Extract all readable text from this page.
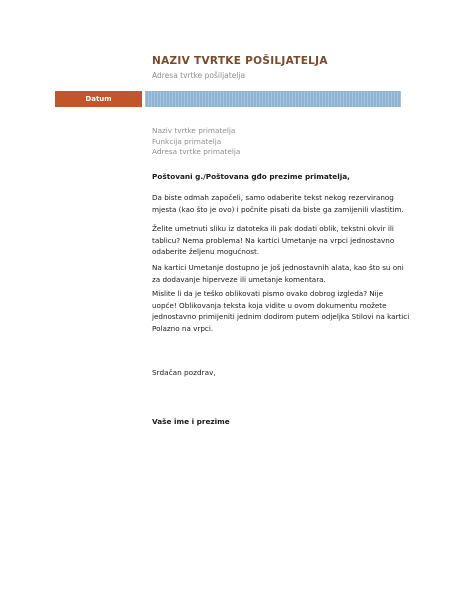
NAZIV TVRTKE POŠILJATELJA
Adresa tvrtke pošiljatelja
Datum
Naziv tvrtke primatelja
Funkcija primatelja
Adresa tvrtke primatelja
Poštovani g./Poštovana gđo prezime primatelja,
Da biste odmah započeli, samo odaberite tekst nekog rezerviranog
mjesta (kao što je ovo) i počnite pisati da biste ga zamijenili vlastitim.
Želite umetnuti sliku iz datoteka ili pak dodati oblik, tekstni okvir ili
tablicu? Nema problema! Na kartici Umetanje na vrpci jednostavno
odaberite željenu mogućnost.
Na kartici Umetanje dostupno je još jednostavnih alata, kao što su oni
za dodavanje hiperveze ili umetanje komentara.
Mislite li da je teško oblikovati pismo ovako dobrog izgleda? Nije
uopće! Oblikovanja teksta koja vidite u ovom dokumentu možete
jednostavno primijeniti jednim dodirom putem odjeljka Stilovi na kartici
Polazno na vrpci.
Srdačan pozdrav,
Vaše ime i prezime
